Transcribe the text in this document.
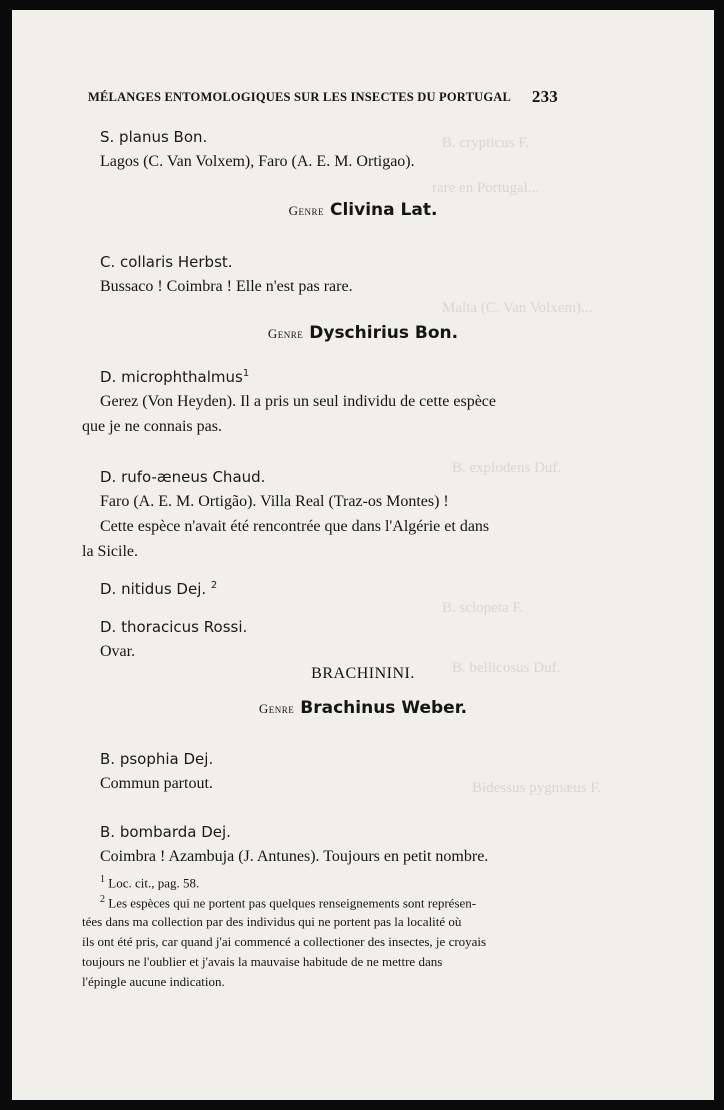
B. crypticus F.
rare en Portugal...
Malta (C. Van Volxem)...
B. explodens Duf.
B. sclopeta F.
B. bellicosus Duf.
Bidessus pygmæus F.
MÉLANGES ENTOMOLOGIQUES SUR LES INSECTES DU PORTUGAL 233
S. planus Bon.
Lagos (C. Van Volxem), Faro (A. E. M. Ortigao).
Genre Clivina Lat.
C. collaris Herbst.
Bussaco ! Coimbra ! Elle n'est pas rare.
Genre Dyschirius Bon.
D. microphthalmus$^1$
Gerez (Von Heyden). Il a pris un seul individu de cette espèce
que je ne connais pas.
D. rufo-æneus Chaud.
Faro (A. E. M. Ortigão). Villa Real (Traz-os Montes) !
Cette espèce n'avait été rencontrée que dans l'Algérie et dans
la Sicile.
D. nitidus Dej. $^2$
D. thoracicus Rossi.
Ovar.
BRACHININI.
Genre Brachinus Weber.
B. psophia Dej.
Commun partout.
B. bombarda Dej.
Coimbra ! Azambuja (J. Antunes). Toujours en petit nombre.
$^1$ Loc. cit., pag. 58.
$^2$ Les espèces qui ne portent pas quelques renseignements sont représen-
tées dans ma collection par des individus qui ne portent pas la localité où
ils ont été pris, car quand j'ai commencé a collectioner des insectes, je croyais
toujours ne l'oublier et j'avais la mauvaise habitude de ne mettre dans
l'épingle aucune indication.
